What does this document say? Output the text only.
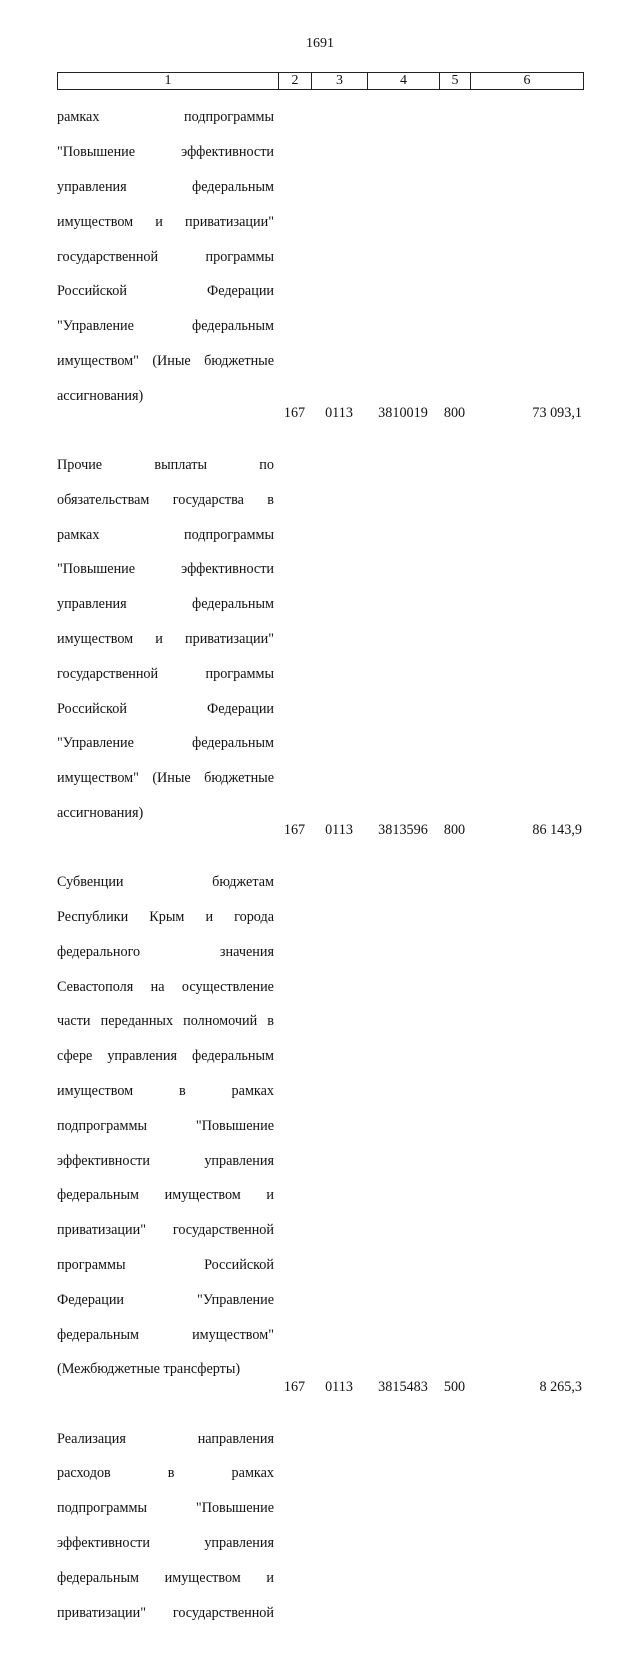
1691
1	2	3	4	5	6

рамках подпрограммы

"Повышение эффективности

управления федеральным

имуществом и приватизации"

государственной программы

Российской Федерации

"Управление федеральным

имуществом" (Иные бюджетные

ассигнования)

167	0113	3810019	800	73 093,1

Прочие выплаты по

обязательствам государства в

рамках подпрограммы

"Повышение эффективности

управления федеральным

имуществом и приватизации"

государственной программы

Российской Федерации

"Управление федеральным

имуществом" (Иные бюджетные

ассигнования)

167	0113	3813596	800	86 143,9

Субвенции бюджетам

Республики Крым и города

федерального значения

Севастополя на осуществление

части переданных полномочий в

сфере управления федеральным

имуществом в рамках

подпрограммы "Повышение

эффективности управления

федеральным имуществом и

приватизации" государственной

программы Российской

Федерации "Управление

федеральным имуществом"

(Межбюджетные трансферты)

167	0113	3815483	500	8 265,3

Реализация направления

расходов в рамках

подпрограммы "Повышение

эффективности управления

федеральным имуществом и

приватизации" государственной
